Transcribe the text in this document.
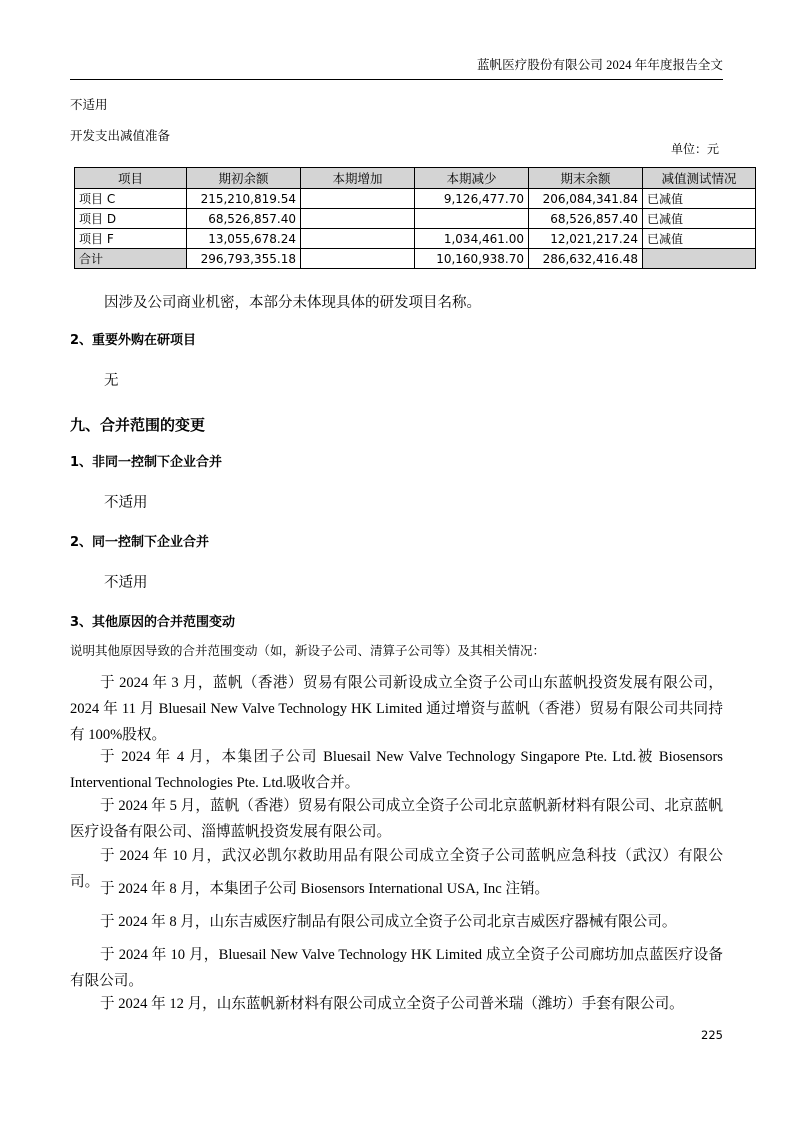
蓝帆医疗股份有限公司 2024 年年度报告全文
不适用
开发支出减值准备
单位：元
项目	期初余额	本期增加	本期减少	期末余额	减值测试情况
项目 C	215,210,819.54		9,126,477.70	206,084,341.84	已减值
项目 D	68,526,857.40			68,526,857.40	已减值
项目 F	13,055,678.24		1,034,461.00	12,021,217.24	已减值
合计	296,793,355.18		10,160,938.70	286,632,416.48	
因涉及公司商业机密，本部分未体现具体的研发项目名称。
2、重要外购在研项目
无
九、合并范围的变更
1、非同一控制下企业合并
不适用
2、同一控制下企业合并
不适用
3、其他原因的合并范围变动
说明其他原因导致的合并范围变动（如，新设子公司、清算子公司等）及其相关情况：
于 2024 年 3 月，蓝帆（香港）贸易有限公司新设成立全资子公司山东蓝帆投资发展有限公司，2024 年 11 月 Bluesail New Valve Technology HK Limited 通过增资与蓝帆（香港）贸易有限公司共同持有 100%股权。
于 2024 年 4 月，本集团子公司 Bluesail New Valve Technology Singapore Pte. Ltd.被 Biosensors Interventional Technologies Pte. Ltd.吸收合并。
于 2024 年 5 月，蓝帆（香港）贸易有限公司成立全资子公司北京蓝帆新材料有限公司、北京蓝帆医疗设备有限公司、淄博蓝帆投资发展有限公司。
于 2024 年 10 月，武汉必凯尔救助用品有限公司成立全资子公司蓝帆应急科技（武汉）有限公司。 于 2024 年 8 月，本集团子公司 Biosensors International USA, Inc 注销。
于 2024 年 8 月，山东吉威医疗制品有限公司成立全资子公司北京吉威医疗器械有限公司。
于 2024 年 10 月，Bluesail New Valve Technology HK Limited 成立全资子公司廊坊加点蓝医疗设备有限公司。
于 2024 年 12 月，山东蓝帆新材料有限公司成立全资子公司普米瑞（潍坊）手套有限公司。
225
